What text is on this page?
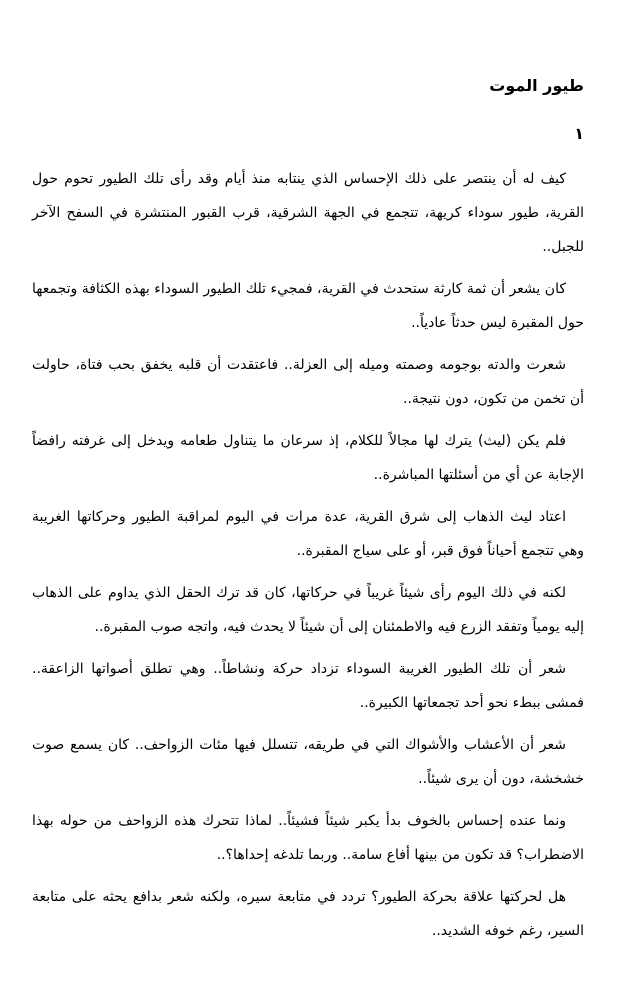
طيور الموت
١

كيف له أن ينتصر على ذلك الإحساس الذي ينتابه منذ أيام وقد رأى تلك الطيور تحوم حول القرية، طيور سوداء كريهة، تتجمع في الجهة الشرقية، قرب القبور المنتشرة في السفح الآخر للجبل..

كان يشعر أن ثمة كارثة ستحدث في القرية، فمجيء تلك الطيور السوداء بهذه الكثافة وتجمعها حول المقبرة ليس حدثاً عادياً..

شعرت والدته بوجومه وصمته وميله إلى العزلة.. فاعتقدت أن قلبه يخفق بحب فتاة، حاولت أن تخمن من تكون، دون نتيجة..

فلم يكن (ليث) يترك لها مجالاً للكلام، إذ سرعان ما يتناول طعامه ويدخل إلى غرفته رافضاً الإجابة عن أي من أسئلتها المباشرة..

اعتاد ليث الذهاب إلى شرق القرية، عدة مرات في اليوم لمراقبة الطيور وحركاتها الغريبة وهي تتجمع أحياناً فوق قبر، أو على سياج المقبرة..

لكنه في ذلك اليوم رأى شيئاً غريباً في حركاتها، كان قد ترك الحقل الذي يداوم على الذهاب إليه يومياً وتفقد الزرع فيه والاطمئنان إلى أن شيئاً لا يحدث فيه، واتجه صوب المقبرة..

شعر أن تلك الطيور الغريبة السوداء تزداد حركة ونشاطاً.. وهي تطلق أصواتها الزاعقة.. فمشى ببطء نحو أحد تجمعاتها الكبيرة..

شعر أن الأعشاب والأشواك التي في طريقه، تتسلل فيها مئات الزواحف.. كان يسمع صوت خشخشة، دون أن يرى شيئاً..

ونما عنده إحساس بالخوف بدأ يكبر شيئاً فشيئاً.. لماذا تتحرك هذه الزواحف من حوله بهذا الاضطراب؟ قد تكون من بينها أفاع سامة.. وربما تلدغه إحداها؟..

هل لحركتها علاقة بحركة الطيور؟ تردد في متابعة سيره، ولكنه شعر بدافع يحثه على متابعة السير، رغم خوفه الشديد..
